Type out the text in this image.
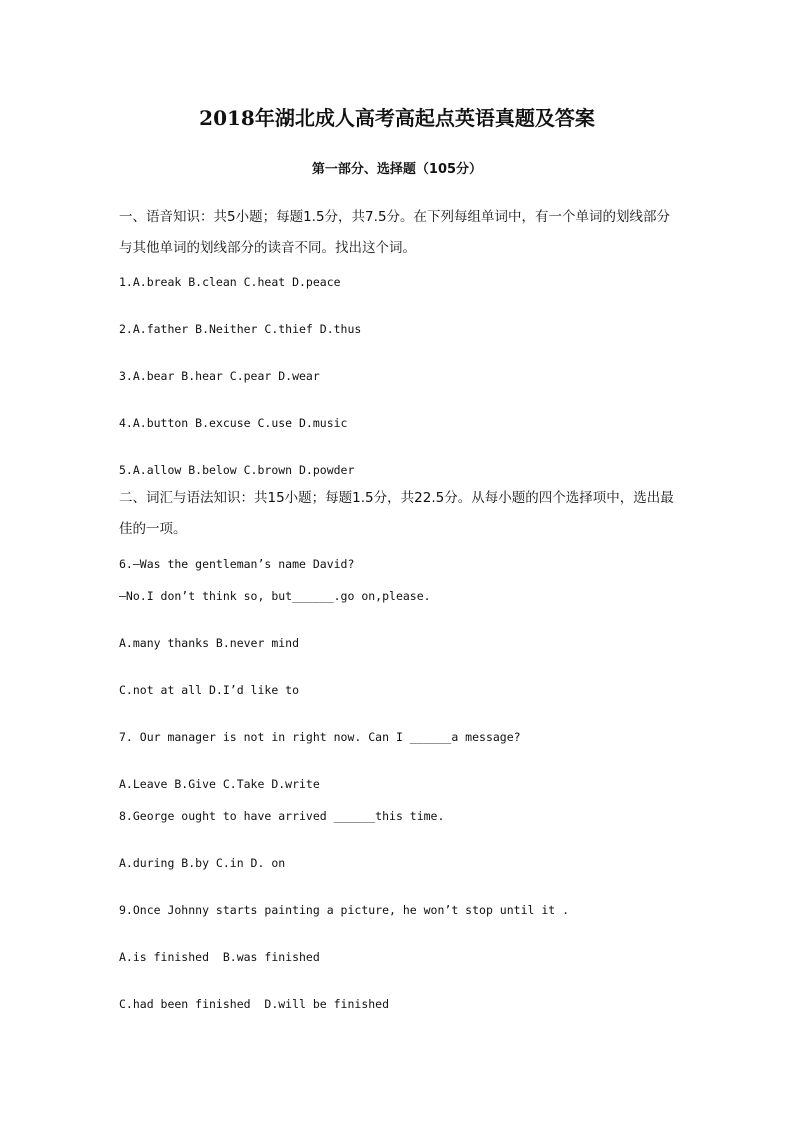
2018年湖北成人高考高起点英语真题及答案
第一部分、选择题（105分）

一、语音知识：共5小题；每题1.5分，共7.5分。在下列每组单词中，有一个单词的划线部分与其他单词的划线部分的读音不同。找出这个词。

1.A.break B.clean C.heat D.peace

2.A.father B.Neither C.thief D.thus

3.A.bear B.hear C.pear D.wear

4.A.button B.excuse C.use D.music

5.A.allow B.below C.brown D.powder

二、词汇与语法知识：共15小题；每题1.5分，共22.5分。从每小题的四个选择项中，选出最佳的一项。

6.—Was the gentleman’s name David?

—No.I don’t think so, but______.go on,please.

A.many thanks B.never mind

C.not at all D.I’d like to

7. Our manager is not in right now. Can I ______a message?

A.Leave B.Give C.Take D.write

8.George ought to have arrived ______this time.

A.during B.by C.in D. on

9.Once Johnny starts painting a picture, he won’t stop until it .

A.is finished  B.was finished

C.had been finished  D.will be finished
